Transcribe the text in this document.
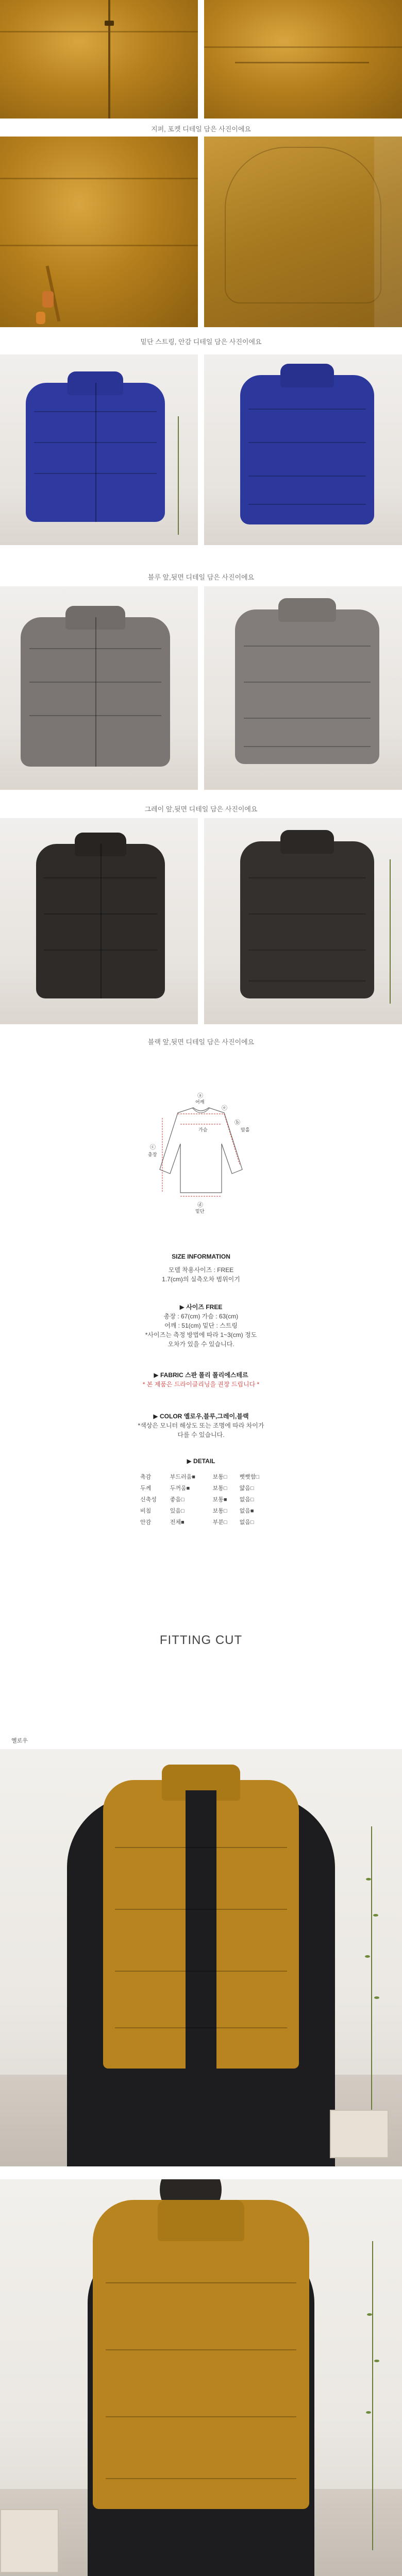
지퍼, 포켓 디테일 담은 사진이에요
밑단 스트링, 안감 디테일 담은 사진이에요
블루 앞,뒷면 디테일 담은 사진이에요
그레이 앞,뒷면 디테일 담은 사진이에요
블랙 앞,뒷면 디테일 담은 사진이에요
ⓐ
어깨
ⓑ
암홀
ⓒ
총장
ⓓ
밑단
ⓔ
가슴
SIZE INFORMATION
모델 착용사이즈 : FREE
1.7(cm)의 실측오차 범위이기
▶ 사이즈 FREE
총장 : 67(cm) 가슴 : 63(cm)
어깨 : 51(cm) 밑단 : 스트링
*사이즈는 측정 방법에 따라 1~3(cm) 정도
오차가 있을 수 있습니다.
▶ FABRIC 스판 폴리 폴리에스테르
* 본 제품은 드라이클리닝을 권장 드립니다 *
▶ COLOR 옐로우,블루,그레이,블랙
*색상은 모니터 해상도 또는 조명에 따라 차이가
다를 수 있습니다.
▶ DETAIL
촉감	부드러움■	보통□	뻣뻣함□
두께	두꺼움■	보통□	얇음□
신축성	좋음□	보통■	없음□
비침	있음□	보통□	없음■
안감	전체■	부분□	없음□
FITTING CUT
옐로우
